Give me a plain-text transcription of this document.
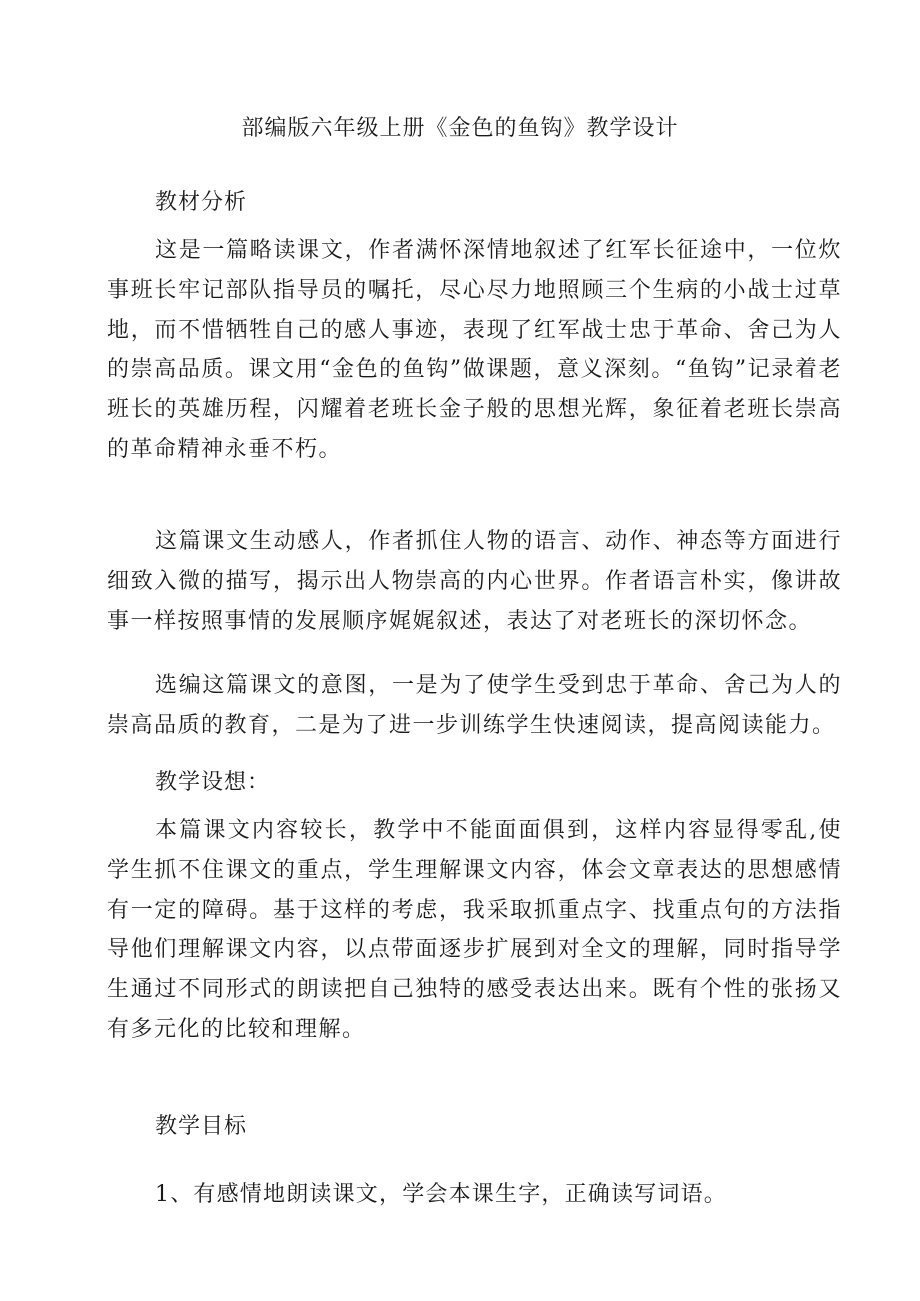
部编版六年级上册《金色的鱼钩》教学设计
教材分析

这是一篇略读课文，作者满怀深情地叙述了红军长征途中，一位炊事班长牢记部队指导员的嘱托，尽心尽力地照顾三个生病的小战士过草地，而不惜牺牲自己的感人事迹，表现了红军战士忠于革命、舍己为人的崇高品质。课文用“金色的鱼钩”做课题，意义深刻。“鱼钩”记录着老班长的英雄历程，闪耀着老班长金子般的思想光辉，象征着老班长崇高的革命精神永垂不朽。

这篇课文生动感人，作者抓住人物的语言、动作、神态等方面进行细致入微的描写，揭示出人物崇高的内心世界。作者语言朴实，像讲故事一样按照事情的发展顺序娓娓叙述，表达了对老班长的深切怀念。

选编这篇课文的意图，一是为了使学生受到忠于革命、舍己为人的崇高品质的教育，二是为了进一步训练学生快速阅读，提高阅读能力。

教学设想：

本篇课文内容较长，教学中不能面面俱到，这样内容显得零乱,使学生抓不住课文的重点，学生理解课文内容，体会文章表达的思想感情有一定的障碍。基于这样的考虑，我采取抓重点字、找重点句的方法指导他们理解课文内容，以点带面逐步扩展到对全文的理解，同时指导学生通过不同形式的朗读把自己独特的感受表达出来。既有个性的张扬又有多元化的比较和理解。

教学目标
1、有感情地朗读课文，学会本课生字，正确读写词语。
